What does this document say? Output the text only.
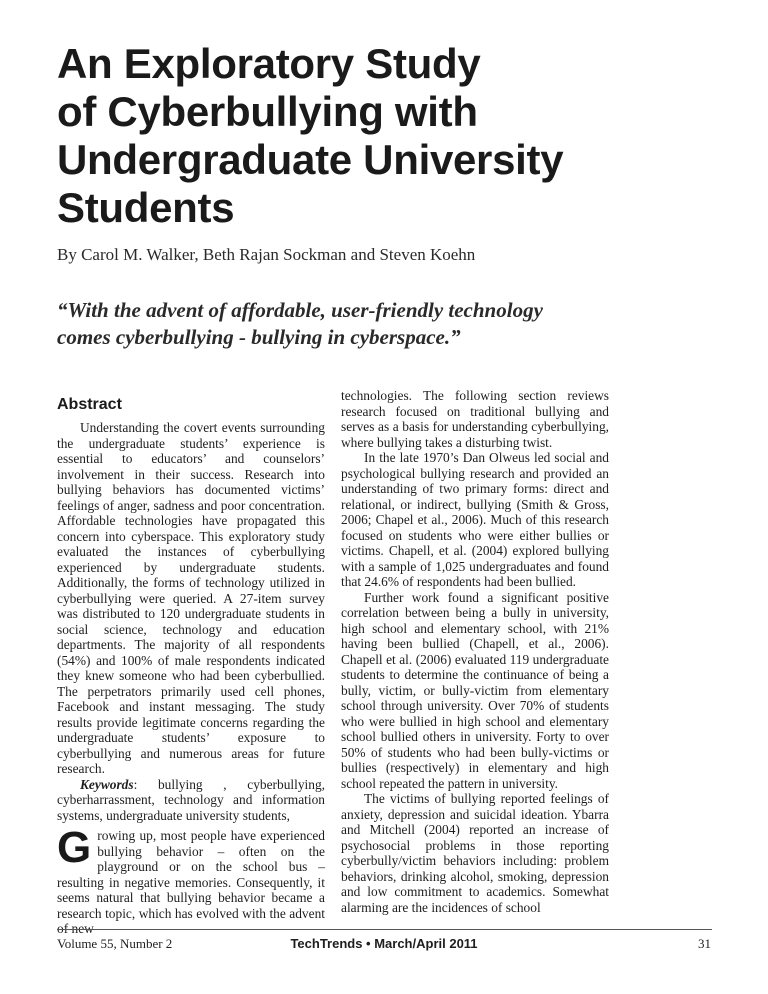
An Exploratory Study
of Cyberbullying with
Undergraduate University
Students

By Carol M. Walker, Beth Rajan Sockman and Steven Koehn

“With the advent of affordable, user-friendly technology
comes cyberbullying - bullying in cyberspace.”
Abstract

Understanding the covert events surrounding the undergraduate students’ experience is essential to educators’ and counselors’ involvement in their success. Research into bullying behaviors has documented victims’ feelings of anger, sadness and poor concentration. Affordable technologies have propagated this concern into cyberspace. This exploratory study evaluated the instances of cyberbullying experienced by undergraduate students. Additionally, the forms of technology utilized in cyberbullying were queried. A 27-item survey was distributed to 120 undergraduate students in social science, technology and education departments. The majority of all respondents (54%) and 100% of male respondents indicated they knew someone who had been cyberbullied. The perpetrators primarily used cell phones, Facebook and instant messaging. The study results provide legitimate concerns regarding the undergraduate students’ exposure to cyberbullying and numerous areas for future research.

Keywords: bullying , cyberbullying, cyberharrassment, technology and information systems, undergraduate university students,

Growing up, most people have experienced bullying behavior – often on the playground or on the school bus – resulting in negative memories. Consequently, it seems natural that bullying behavior became a research topic, which has evolved with the advent of new

technologies. The following section reviews research focused on traditional bullying and serves as a basis for understanding cyberbullying, where bullying takes a disturbing twist.

In the late 1970’s Dan Olweus led social and psychological bullying research and provided an understanding of two primary forms: direct and relational, or indirect, bullying (Smith & Gross, 2006; Chapel et al., 2006). Much of this research focused on students who were either bullies or victims. Chapell, et al. (2004) explored bullying with a sample of 1,025 undergraduates and found that 24.6% of respondents had been bullied.

Further work found a significant positive correlation between being a bully in university, high school and elementary school, with 21% having been bullied (Chapell, et al., 2006). Chapell et al. (2006) evaluated 119 undergraduate students to determine the continuance of being a bully, victim, or bully-victim from elementary school through university. Over 70% of students who were bullied in high school and elementary school bullied others in university. Forty to over 50% of students who had been bully-victims or bullies (respectively) in elementary and high school repeated the pattern in university.

The victims of bullying reported feelings of anxiety, depression and suicidal ideation. Ybarra and Mitchell (2004) reported an increase of psychosocial problems in those reporting cyberbully/victim behaviors including: problem behaviors, drinking alcohol, smoking, depression and low commitment to academics. Somewhat alarming are the incidences of school

Volume 55, Number 2	TechTrends • March/April 2011	31
